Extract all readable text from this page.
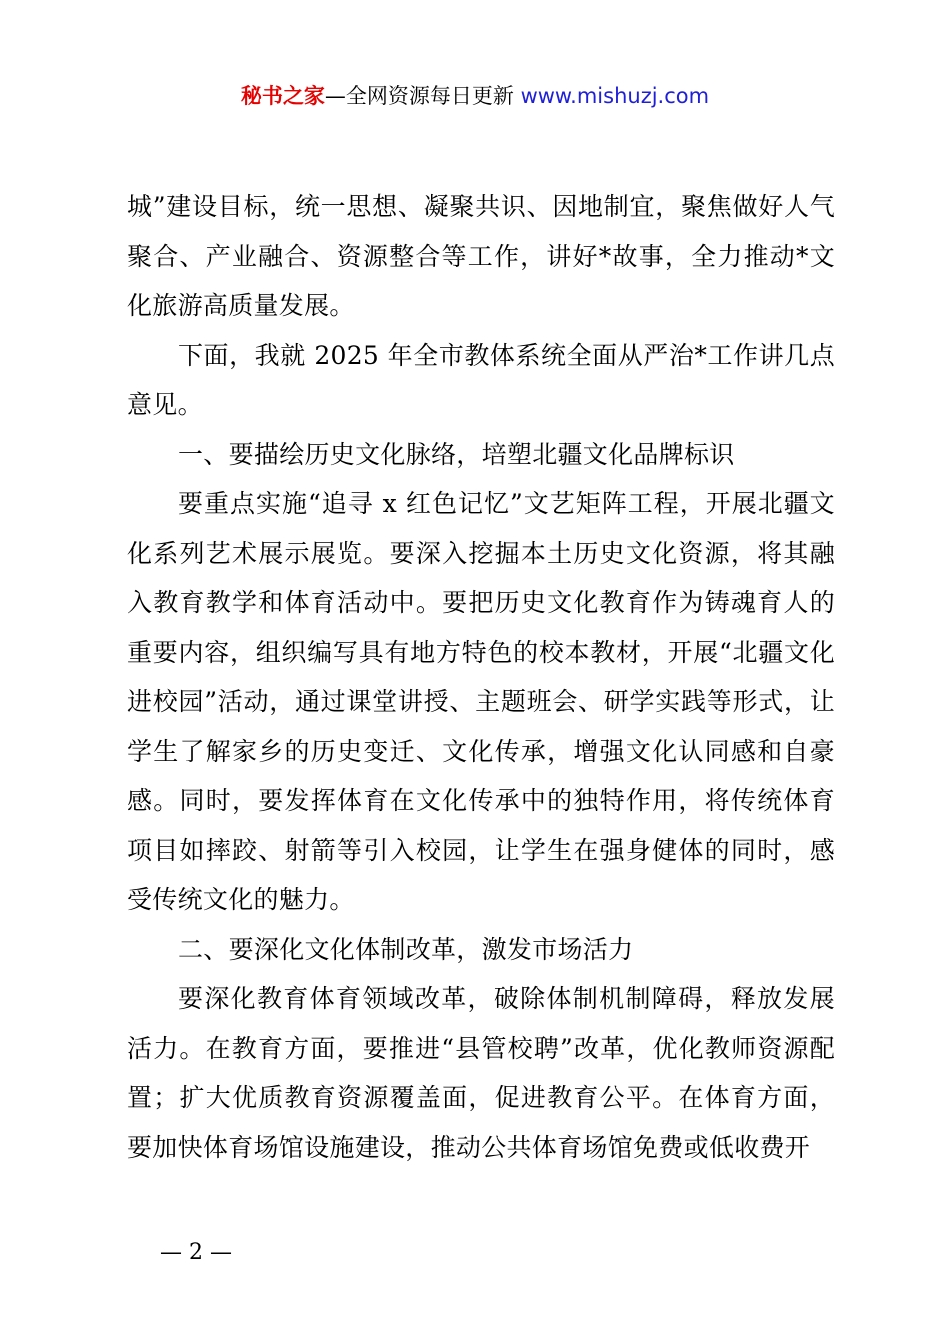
秘书之家—全网资源每日更新 www.mishuzj.com

城”建设目标，统一思想、凝聚共识、因地制宜，聚焦做好人气聚合、产业融合、资源整合等工作，讲好*故事，全力推动*文化旅游高质量发展。

下面，我就 2025 年全市教体系统全面从严治*工作讲几点意见。

一、要描绘历史文化脉络，培塑北疆文化品牌标识

要重点实施“追寻 x 红色记忆”文艺矩阵工程，开展北疆文化系列艺术展示展览。要深入挖掘本土历史文化资源，将其融入教育教学和体育活动中。要把历史文化教育作为铸魂育人的重要内容，组织编写具有地方特色的校本教材，开展“北疆文化进校园”活动，通过课堂讲授、主题班会、研学实践等形式，让学生了解家乡的历史变迁、文化传承，增强文化认同感和自豪感。同时，要发挥体育在文化传承中的独特作用，将传统体育项目如摔跤、射箭等引入校园，让学生在强身健体的同时，感受传统文化的魅力。

二、要深化文化体制改革，激发市场活力

要深化教育体育领域改革，破除体制机制障碍，释放发展活力。在教育方面，要推进“县管校聘”改革，优化教师资源配置；扩大优质教育资源覆盖面，促进教育公平。在体育方面，要加快体育场馆设施建设，推动公共体育场馆免费或低收费开

— 2 —
